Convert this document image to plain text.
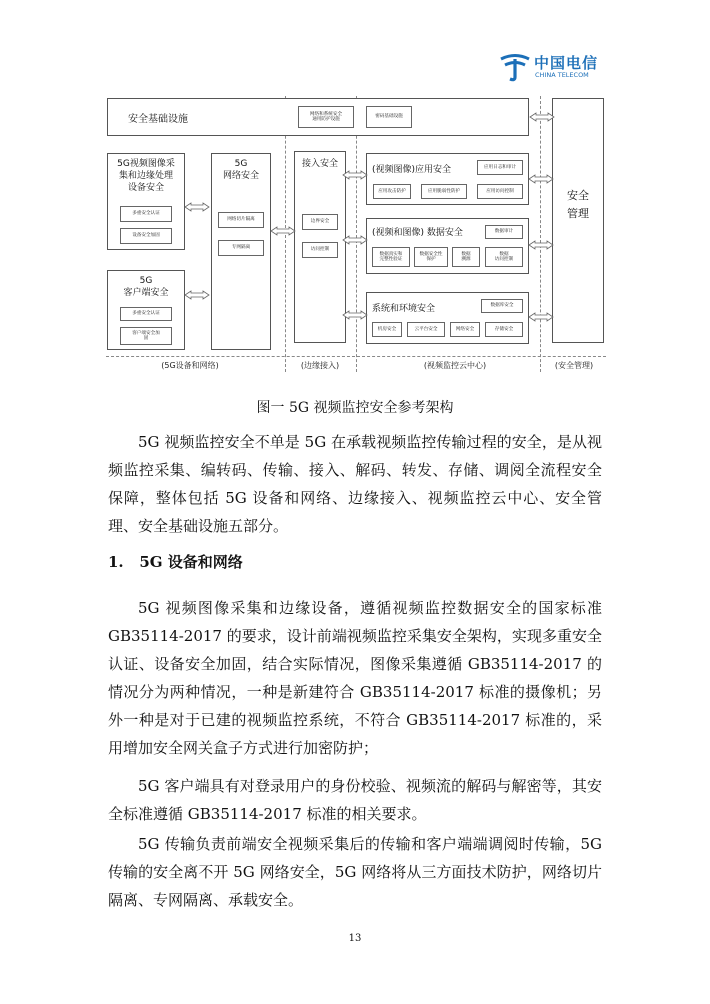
中国电信
CHINA TELECOM
安全基础设施	网络和系统安全
通用防护设施
密码基础设施
安全
管理
5G视频图像采
集和边缘处理
设备安全
多重安全认证
设备安全加固
5G
客户端安全
多重安全认证
客户端安全加
固
5G
网络安全
网络切片隔离
专网隔离
接入安全
边界安全
访问控制
(视频图像)应用安全	应用日志和审计
应用攻击防护	应用脆弱性防护	应用访问控制
(视频和图像) 数据安全	数据审计
数据真实和
完整性验证
数据安全性
保护
数据
溯源
数据
访问控制
系统和环境安全	数据库安全
机房安全	云平台安全	网络安全	存储安全
(5G设备和网络)	(边缘接入)	(视频监控云中心)	(安全管理)
图一 5G 视频监控安全参考架构

5G 视频监控安全不单是 5G 在承载视频监控传输过程的安全，是从视频监控采集、编转码、传输、接入、解码、转发、存储、调阅全流程安全保障，整体包括 5G 设备和网络、边缘接入、视频监控云中心、安全管理、安全基础设施五部分。

1.   5G 设备和网络

5G 视频图像采集和边缘设备，遵循视频监控数据安全的国家标准GB35114-2017 的要求，设计前端视频监控采集安全架构，实现多重安全认证、设备安全加固，结合实际情况，图像采集遵循 GB35114-2017 的情况分为两种情况，一种是新建符合 GB35114-2017 标准的摄像机；另外一种是对于已建的视频监控系统，不符合 GB35114-2017 标准的，采用增加安全网关盒子方式进行加密防护；

5G 客户端具有对登录用户的身份校验、视频流的解码与解密等，其安全标准遵循 GB35114-2017 标准的相关要求。

5G 传输负责前端安全视频采集后的传输和客户端端调阅时传输，5G 传输的安全离不开 5G 网络安全，5G 网络将从三方面技术防护，网络切片隔离、专网隔离、承载安全。

13
